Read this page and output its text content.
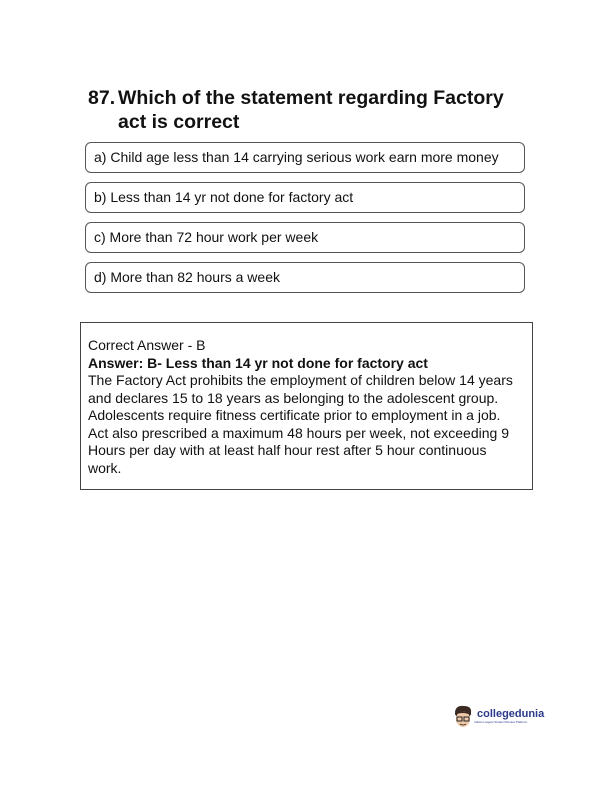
87. Which of the statement regarding Factory
act is correct
a) Child age less than 14 carrying serious work earn more money
b) Less than 14 yr not done for factory act
c) More than 72 hour work per week
d) More than 82 hours a week
Correct Answer - B
Answer: B- Less than 14 yr not done for factory act
The Factory Act prohibits the employment of children below 14 years
and declares 15 to 18 years as belonging to the adolescent group.
Adolescents require fitness certificate prior to employment in a job.
Act also prescribed a maximum 48 hours per week, not exceeding 9
Hours per day with at least half hour rest after 5 hour continuous
work.
collegedunia
India's Largest Student Review Platform
